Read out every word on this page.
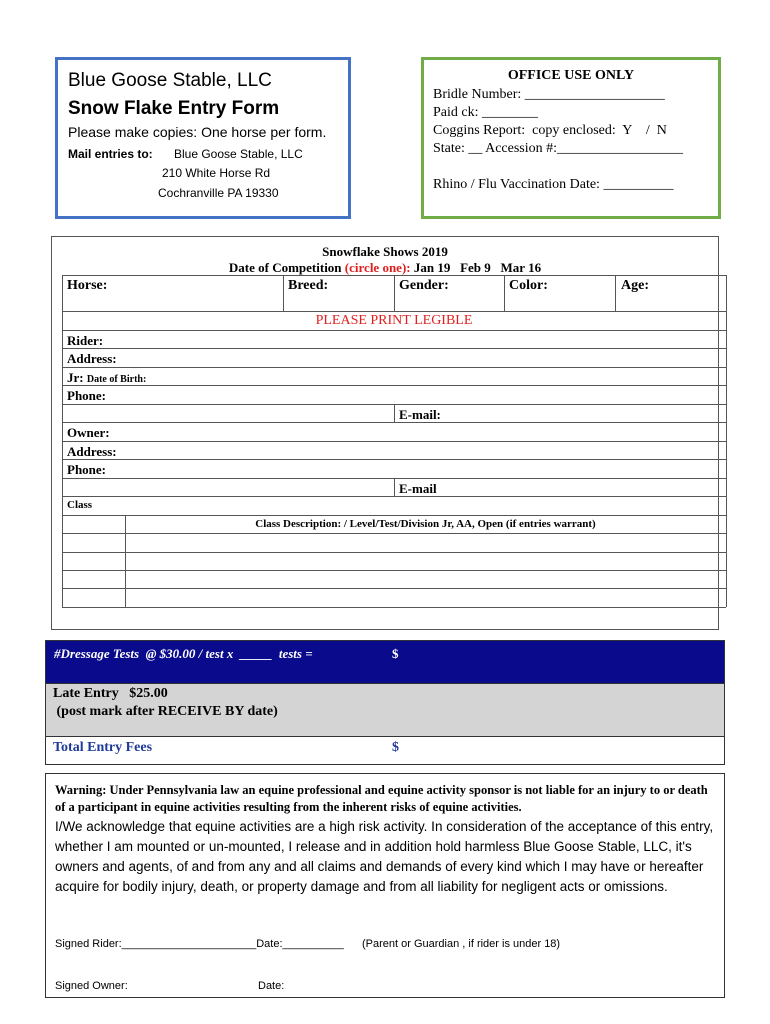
Blue Goose Stable, LLC
Snow Flake Entry Form
Please make copies: One horse per form.
Mail entries to: Blue Goose Stable, LLC
210 White Horse Rd
Cochranville PA 19330
OFFICE USE ONLY
Bridle Number: ____________________
Paid ck: ________
Coggins Report:  copy enclosed:  Y    /  N
State: __ Accession #:__________________
Rhino / Flu Vaccination Date: __________
Snowflake Shows 2019
Date of Competition (circle one): Jan 19   Feb 9   Mar 16
Horse:	Breed:	Gender:	Color:	Age:
PLEASE PRINT LEGIBLE
Rider:
Address:
Jr: Date of Birth:
Phone:
E-mail:
Owner:
Address:
Phone:
E-mail
Class
Class Description: / Level/Test/Division Jr, AA, Open (if entries warrant)
#Dressage Tests  @ $30.00 / test x  _____  tests =	$
Late Entry   $25.00
(post mark after RECEIVE BY date)
Total Entry Fees	$
Warning: Under Pennsylvania law an equine professional and equine activity sponsor is not liable for an injury to or death of a participant in equine activities resulting from the inherent risks of equine activities.
I/We acknowledge that equine activities are a high risk activity. In consideration of the acceptance of this entry, whether I am mounted or un-mounted, I release and in addition hold harmless Blue Goose Stable, LLC, it's owners and agents, of and from any and all claims and demands of every kind which I may have or hereafter acquire for bodily injury, death, or property damage and from all liability for negligent acts or omissions.
Signed Rider:______________________Date:__________ (Parent or Guardian , if rider is under 18)
Signed Owner:	Date:
